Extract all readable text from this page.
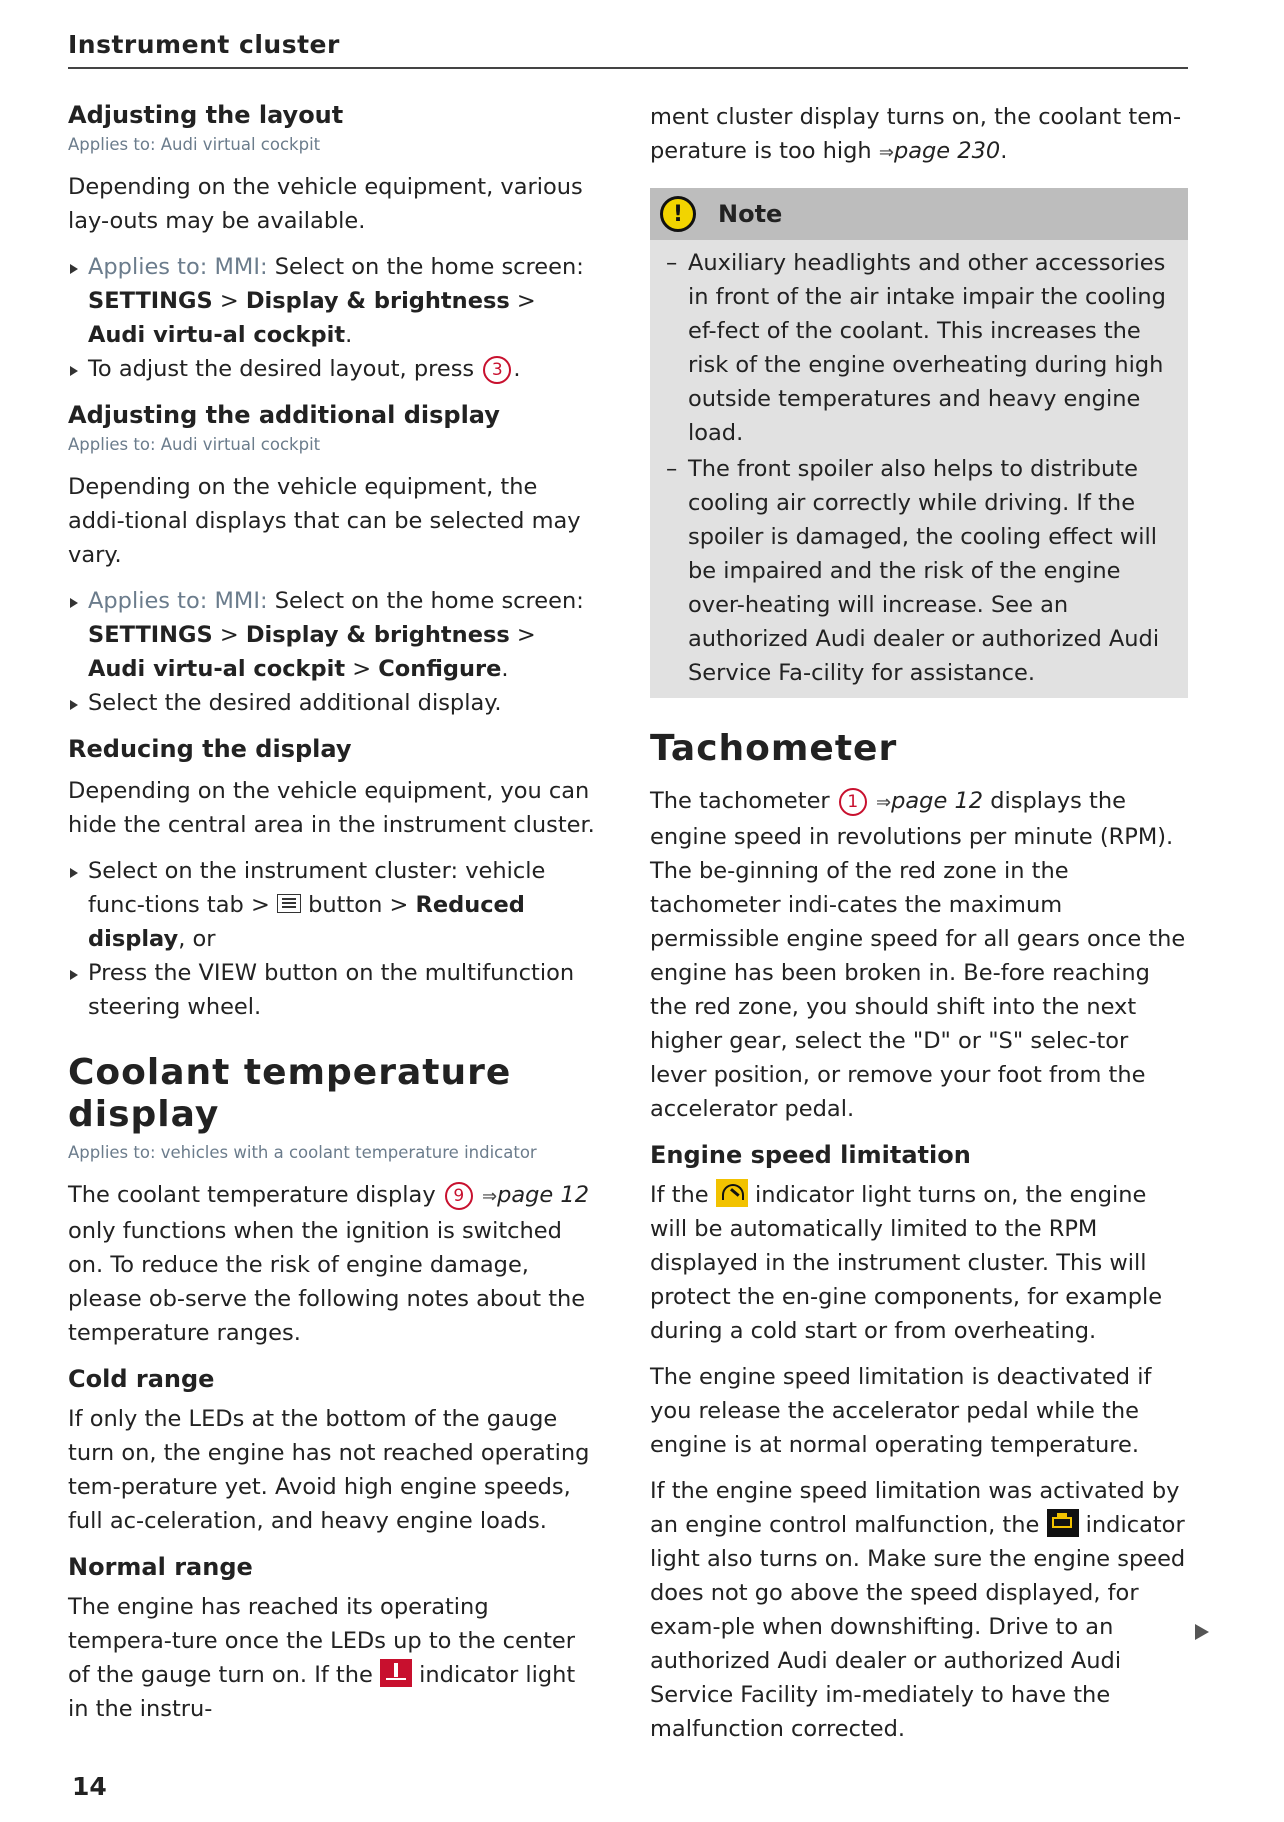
Instrument cluster
Adjusting the layout
Applies to: Audi virtual cockpit

Depending on the vehicle equipment, various lay-outs may be available.

Applies to: MMI: Select on the home screen: SETTINGS > Display & brightness > Audi virtu-al cockpit.
To adjust the desired layout, press 3 .
Adjusting the additional display
Applies to: Audi virtual cockpit

Depending on the vehicle equipment, the addi-tional displays that can be selected may vary.

Applies to: MMI: Select on the home screen: SETTINGS > Display & brightness > Audi virtu-al cockpit > Configure.
Select the desired additional display.
Reducing the display

Depending on the vehicle equipment, you can hide the central area in the instrument cluster.

Select on the instrument cluster: vehicle func-tions tab > button > Reduced display, or
Press the VIEW button on the multifunction steering wheel.
Coolant temperature display
Applies to: vehicles with a coolant temperature indicator

The coolant temperature display 9 ⇒page 12 only functions when the ignition is switched on. To reduce the risk of engine damage, please ob-serve the following notes about the temperature ranges.

Cold range

If only the LEDs at the bottom of the gauge turn on, the engine has not reached operating tem-perature yet. Avoid high engine speeds, full ac-celeration, and heavy engine loads.

Normal range

The engine has reached its operating tempera-ture once the LEDs up to the center of the gauge turn on. If the
indicator light in the instru-

ment cluster display turns on, the coolant tem-perature is too high ⇒page 230.

!	Note
– Auxiliary headlights and other accessories in front of the air intake impair the cooling ef-fect of the coolant. This increases the risk of the engine overheating during high outside temperatures and heavy engine load.
– The front spoiler also helps to distribute cooling air correctly while driving. If the spoiler is damaged, the cooling effect will be impaired and the risk of the engine over-heating will increase. See an authorized Audi dealer or authorized Audi Service Fa-cility for assistance.
Tachometer

The tachometer 1 ⇒page 12 displays the engine speed in revolutions per minute (RPM). The be-ginning of the red zone in the tachometer indi-cates the maximum permissible engine speed for all gears once the engine has been broken in. Be-fore reaching the red zone, you should shift into the next higher gear, select the "D" or "S" selec-tor lever position, or remove your foot from the accelerator pedal.

Engine speed limitation

If the
indicator light turns on, the engine will be automatically limited to the RPM displayed in the instrument cluster. This will protect the en-gine components, for example during a cold start or from overheating.

The engine speed limitation is deactivated if you release the accelerator pedal while the engine is at normal operating temperature.

If the engine speed limitation was activated by an engine control malfunction, the
indicator light also turns on. Make sure the engine speed does not go above the speed displayed, for exam-ple when downshifting. Drive to an authorized Audi dealer or authorized Audi Service Facility im-mediately to have the malfunction corrected.

14
